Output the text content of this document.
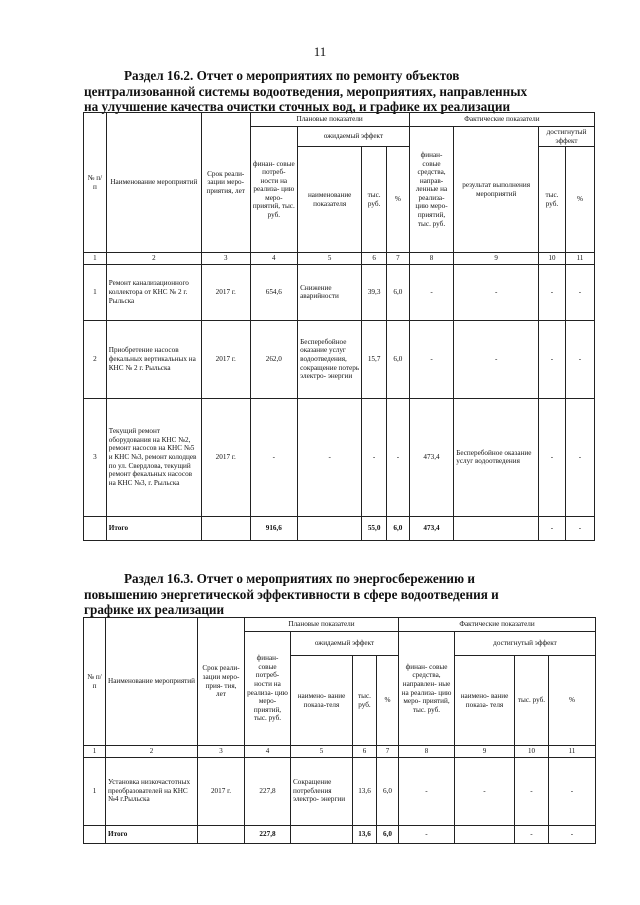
11
Раздел 16.2. Отчет о мероприятиях по ремонту объектов
централизованной системы водоотведения, мероприятиях, направленных
на улучшение качества очистки сточных вод, и графике их реализации
№ п/п	Наименование мероприятий	Срок реали- зации меро- приятия, лет	Плановые показатели				Фактические показатели			
			финан- совые потреб- ности на реализа- цию меро- приятий, тыс. руб.	ожидаемый эффект			финан- совые средства, направ- ленные на реализа- цию меро- приятий, тыс. руб.	результат выполнения мероприятий	достигнутый эффект	
				наименование показателя	тыс. руб.	%			тыс. руб.	%
1	2	3	4	5	6	7	8	9	10	11
1	Ремонт канализационного коллектора от КНС № 2 г. Рыльска	2017 г.	654,6	Снижение аварийности	39,3	6,0	-	-	-	-
2	Приобретение насосов фекальных вертикальных на КНС № 2 г. Рыльска	2017 г.	262,0	Бесперебойное оказание услуг водоотведения, сокращение потерь электро- энергии	15,7	6,0	-	-	-	-
3	Текущий ремонт оборудования на КНС №2, ремонт насосов на КНС №5 и КНС №3, ремонт колодцев по ул. Свердлова, текущий ремонт фекальных насосов на КНС №3, г. Рыльска	2017 г.	-	-	-	-	473,4	Бесперебойное оказание услуг водоотведения	-	-
	Итого		916,6		55,0	6,0	473,4		-	-
Раздел 16.3. Отчет о мероприятиях по энергосбережению и
повышению энергетической эффективности в сфере водоотведения и
графике их реализации
№ п/п	Наименование мероприятий	Срок реали- зации меро- прия- тия, лет	Плановые показатели				Фактические показатели			
			финан- совые потреб- ности на реализа- цию меро- приятий, тыс. руб.	ожидаемый эффект			финан- совые средства, направлен- ные на реализа- цию меро- приятий, тыс. руб.	достигнутый эффект		
				наимено- вание показа-теля	тыс. руб.	%		наимено- вание показа- теля	тыс. руб.	%
1	2	3	4	5	6	7	8	9	10	11
1	Установка низкочастотных преобразователей на КНС №4 г.Рыльска	2017 г.	227,8	Сокращение потребления электро- энергии	13,6	6,0	-	-	-	-
	Итого		227,8		13,6	6,0	-		-	-
